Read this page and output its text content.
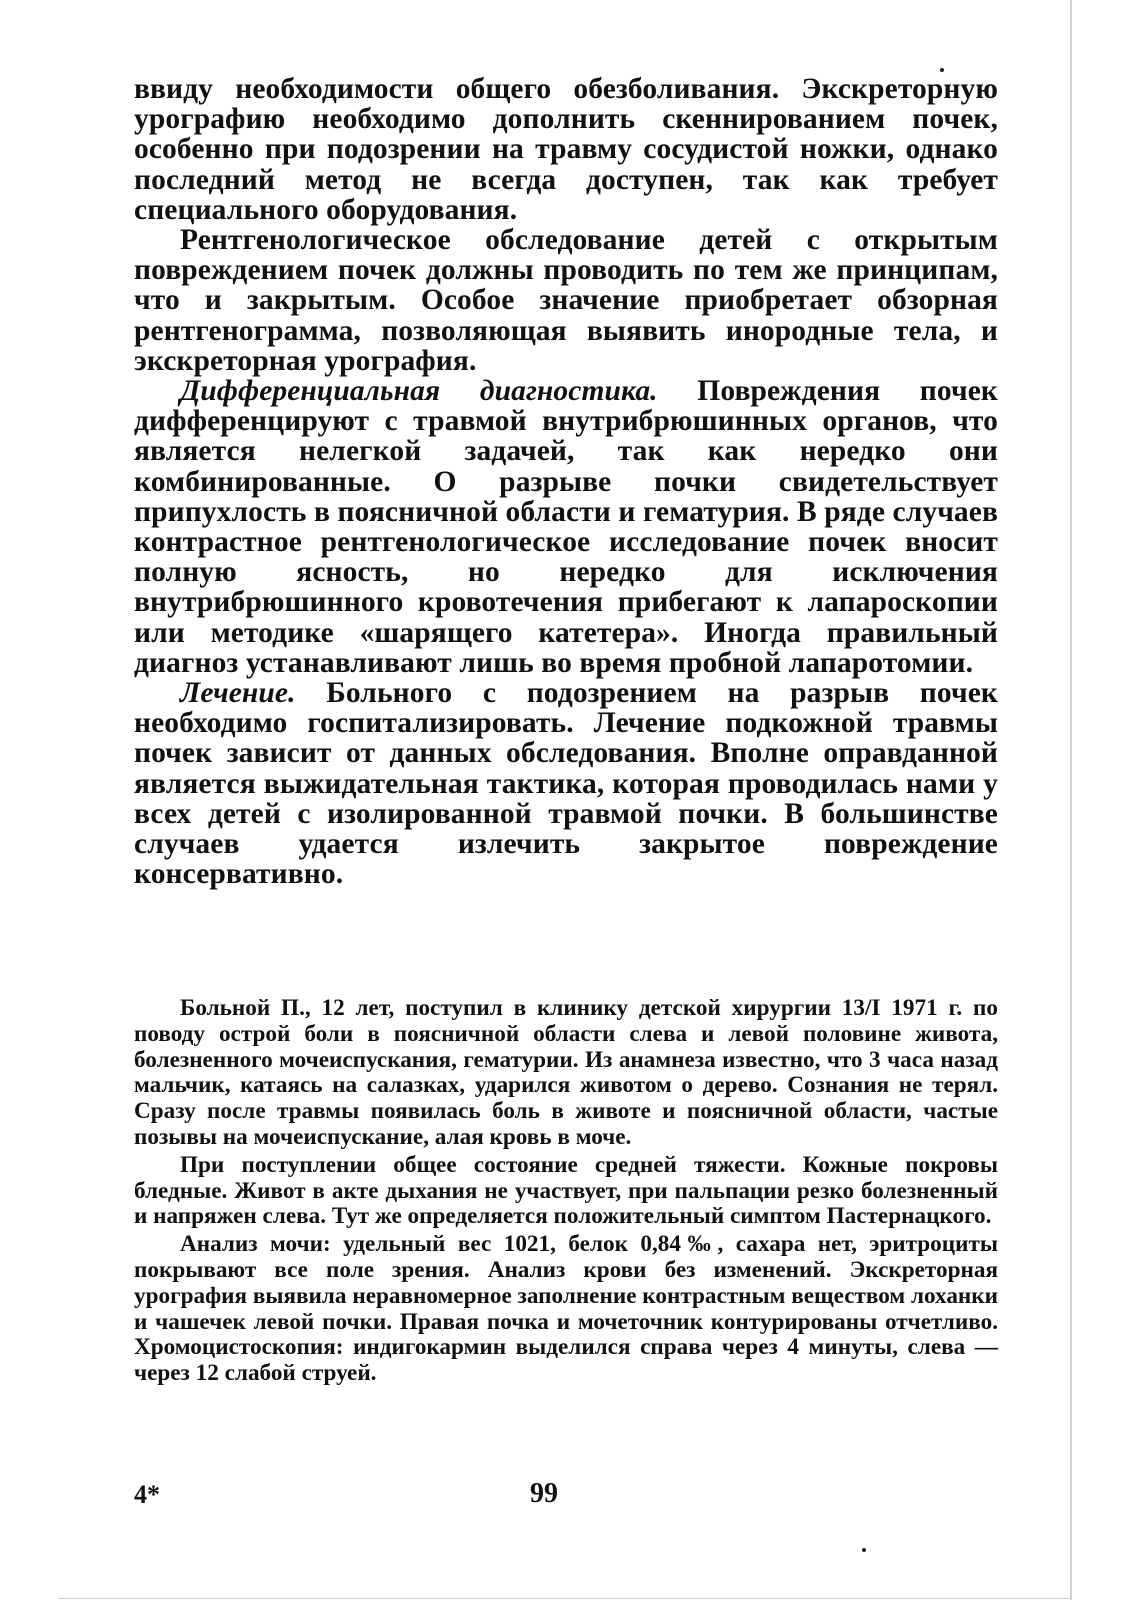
ввиду необходимости общего обезболивания. Экскреторную урографию необходимо дополнить скеннированием почек, особенно при подозрении на травму сосудистой ножки, однако последний метод не всегда доступен, так как требует специального оборудования.

Рентгенологическое обследование детей с открытым повреждением почек должны проводить по тем же принципам, что и закрытым. Особое значение приобретает обзорная рентгенограмма, позволяющая выявить инородные тела, и экскреторная урография.

Дифференциальная диагностика. Повреждения почек дифференцируют с травмой внутрибрюшинных органов, что является нелегкой задачей, так как нередко они комбинированные. О разрыве почки свидетельствует припухлость в поясничной области и гематурия. В ряде случаев контрастное рентгенологическое исследование почек вносит полную ясность, но нередко для исключения внутрибрюшинного кровотечения прибегают к лапароскопии или методике «шарящего катетера». Иногда правильный диагноз устанавливают лишь во время пробной лапаротомии.

Лечение. Больного с подозрением на разрыв почек необходимо госпитализировать. Лечение подкожной травмы почек зависит от данных обследования. Вполне оправданной является выжидательная тактика, которая проводилась нами у всех детей с изолированной травмой почки. В большинстве случаев удается излечить закрытое повреждение консервативно.

Больной П., 12 лет, поступил в клинику детской хирургии 13/I 1971 г. по поводу острой боли в поясничной области слева и левой половине живота, болезненного мочеиспускания, гематурии. Из анамнеза известно, что 3 часа назад мальчик, катаясь на салазках, ударился животом о дерево. Сознания не терял. Сразу после травмы появилась боль в животе и поясничной области, частые позывы на мочеиспускание, алая кровь в моче.

При поступлении общее состояние средней тяжести. Кожные покровы бледные. Живот в акте дыхания не участвует, при пальпации резко болезненный и напряжен слева. Тут же определяется положительный симптом Пастернацкого.

Анализ мочи: удельный вес 1021, белок 0,84‰, сахара нет, эритроциты покрывают все поле зрения. Анализ крови без изменений. Экскреторная урография выявила неравномерное заполнение контрастным веществом лоханки и чашечек левой почки. Правая почка и мочеточник контурированы отчетливо. Хромоцистоскопия: индигокармин выделился справа через 4 минуты, слева — через 12 слабой струей.

4*	99
